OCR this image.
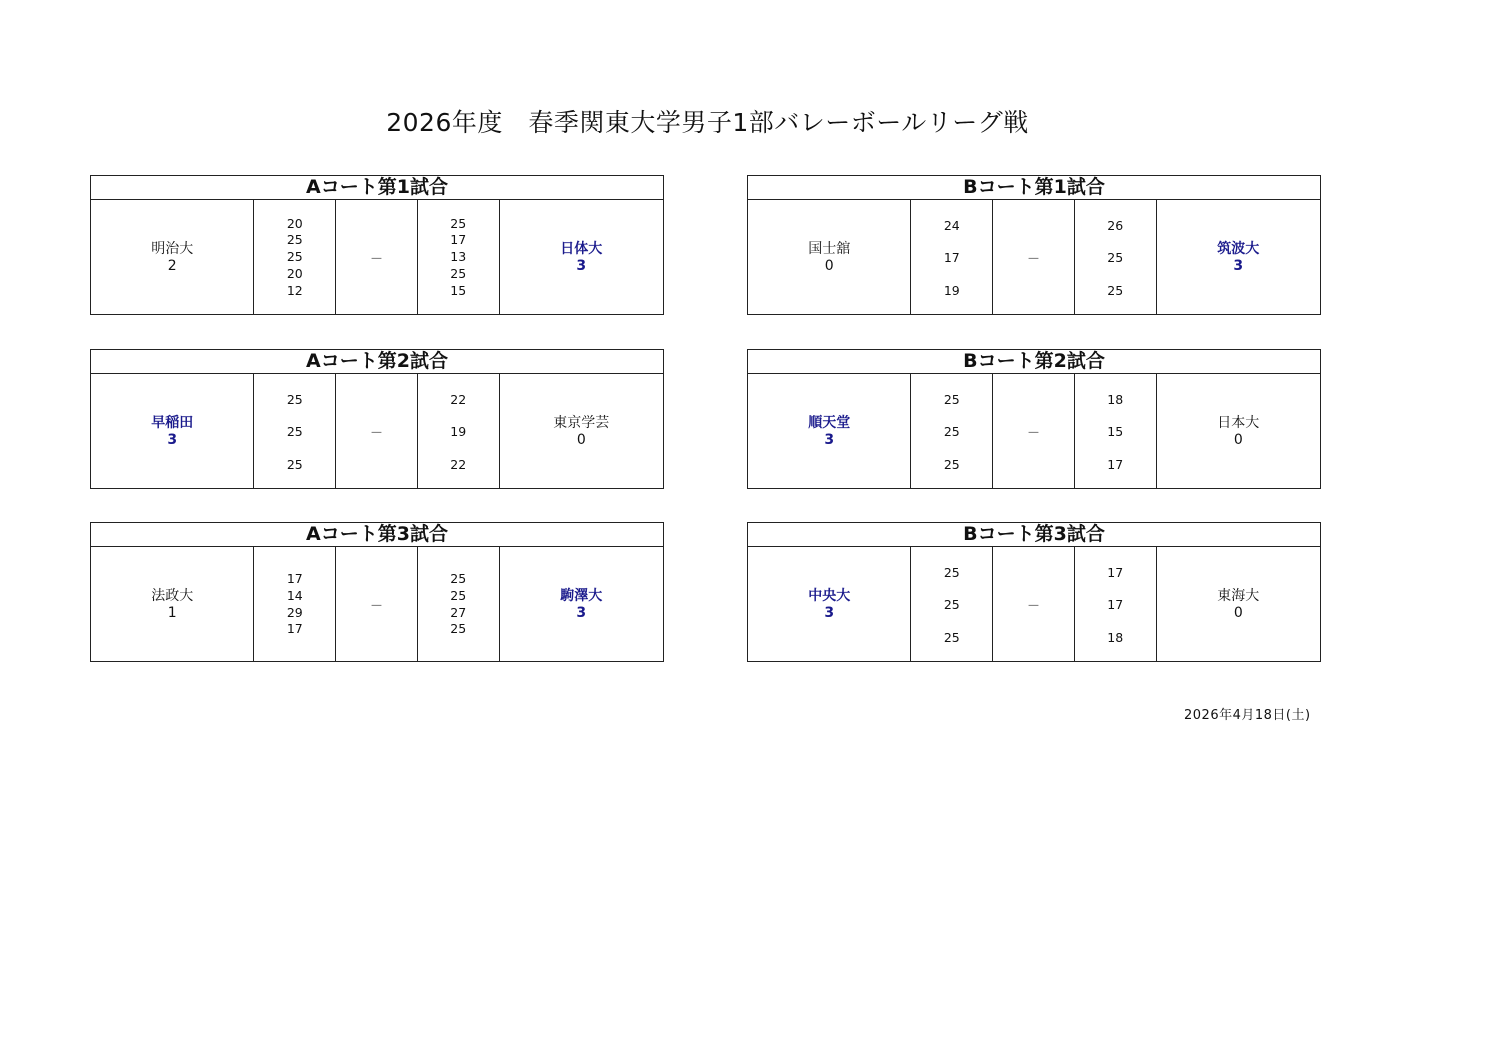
2026年度　春季関東大学男子1部バレーボールリーグ戦
Aコート第1試合
明治大
2
20
25
25
20
12
－
25
17
13
25
15
日体大
3
Bコート第1試合
国士舘
0
24
17
19
－
26
25
25
筑波大
3
Aコート第2試合
早稲田
3
25
25
25
－
22
19
22
東京学芸
0
Bコート第2試合
順天堂
3
25
25
25
－
18
15
17
日本大
0
Aコート第3試合
法政大
1
17
14
29
17
－
25
25
27
25
駒澤大
3
Bコート第3試合
中央大
3
25
25
25
－
17
17
18
東海大
0
2026年4月18日(土)
